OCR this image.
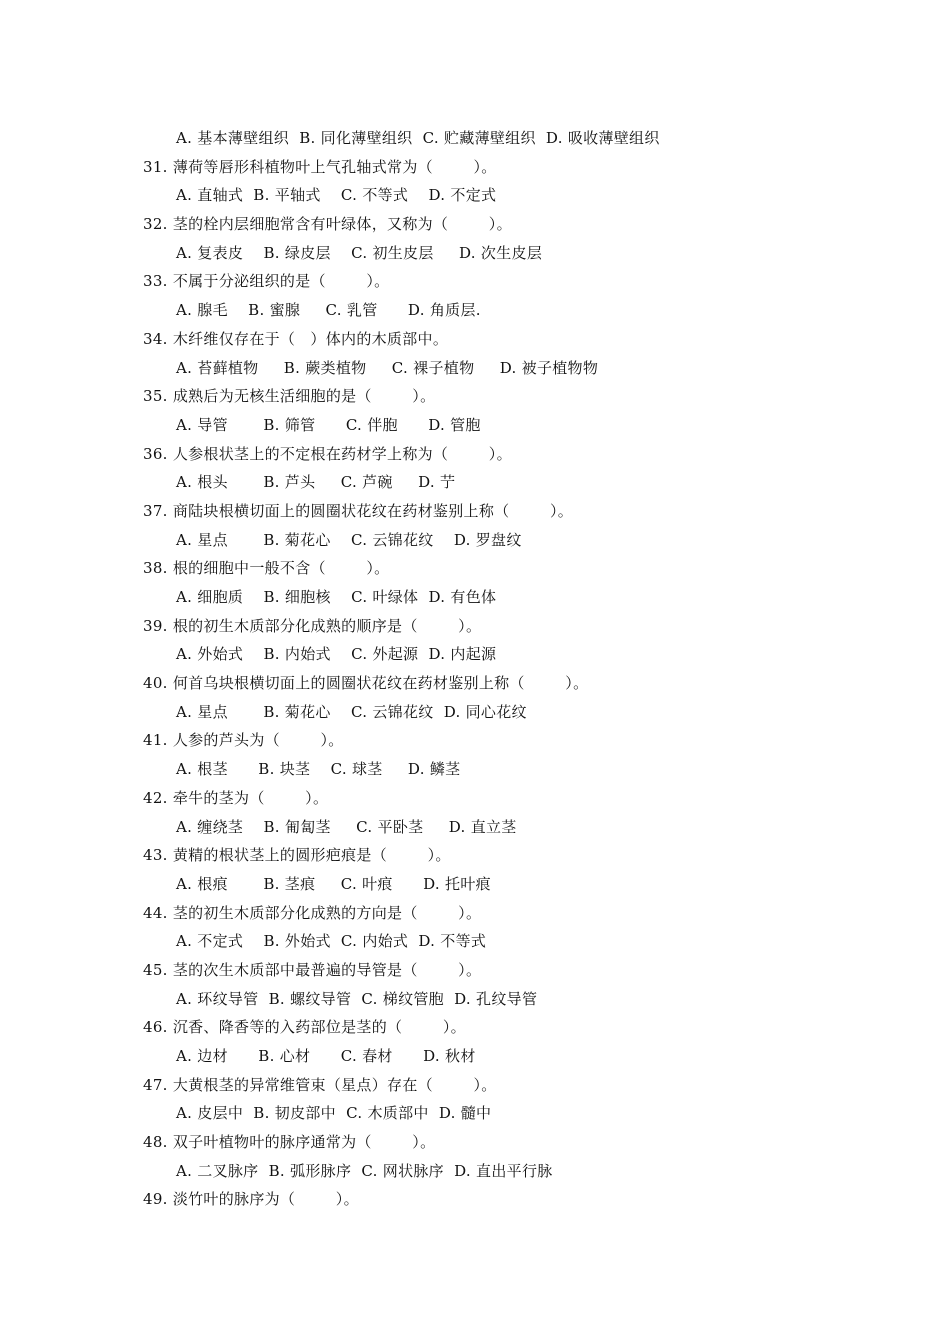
A. 基本薄壁组织  B. 同化薄壁组织  C. 贮藏薄壁组织  D. 吸收薄壁组织
31. 薄荷等唇形科植物叶上气孔轴式常为（        ）。
A. 直轴式  B. 平轴式    C. 不等式    D. 不定式
32. 茎的栓内层细胞常含有叶绿体，又称为（        ）。
A. 复表皮    B. 绿皮层    C. 初生皮层     D. 次生皮层
33. 不属于分泌组织的是（        ）。
A. 腺毛    B. 蜜腺     C. 乳管      D. 角质层.
34. 木纤维仅存在于（   ）体内的木质部中。
A. 苔藓植物     B. 蕨类植物     C. 裸子植物     D. 被子植物物
35. 成熟后为无核生活细胞的是（        ）。
A. 导管       B. 筛管      C. 伴胞      D. 管胞
36. 人参根状茎上的不定根在药材学上称为（        ）。
A. 根头       B. 芦头     C. 芦碗     D. 艼
37. 商陆块根横切面上的圆圈状花纹在药材鉴别上称（        ）。
A. 星点       B. 菊花心    C. 云锦花纹    D. 罗盘纹
38. 根的细胞中一般不含（        ）。
A. 细胞质    B. 细胞核    C. 叶绿体  D. 有色体
39. 根的初生木质部分化成熟的顺序是（        ）。
A. 外始式    B. 内始式    C. 外起源  D. 内起源
40. 何首乌块根横切面上的圆圈状花纹在药材鉴别上称（        ）。
A. 星点       B. 菊花心    C. 云锦花纹  D. 同心花纹
41. 人参的芦头为（        ）。
A. 根茎      B. 块茎    C. 球茎     D. 鳞茎
42. 牵牛的茎为（        ）。
A. 缠绕茎    B. 匍匐茎     C. 平卧茎     D. 直立茎
43. 黄精的根状茎上的圆形疤痕是（        ）。
A. 根痕       B. 茎痕     C. 叶痕      D. 托叶痕
44. 茎的初生木质部分化成熟的方向是（        ）。
A. 不定式    B. 外始式  C. 内始式  D. 不等式
45. 茎的次生木质部中最普遍的导管是（        ）。
A. 环纹导管  B. 螺纹导管  C. 梯纹管胞  D. 孔纹导管
46. 沉香、降香等的入药部位是茎的（        ）。
A. 边材      B. 心材      C. 春材      D. 秋材
47. 大黄根茎的异常维管束（星点）存在（        ）。
A. 皮层中  B. 韧皮部中  C. 木质部中  D. 髓中
48. 双子叶植物叶的脉序通常为（        ）。
A. 二叉脉序  B. 弧形脉序  C. 网状脉序  D. 直出平行脉
49. 淡竹叶的脉序为（        ）。
